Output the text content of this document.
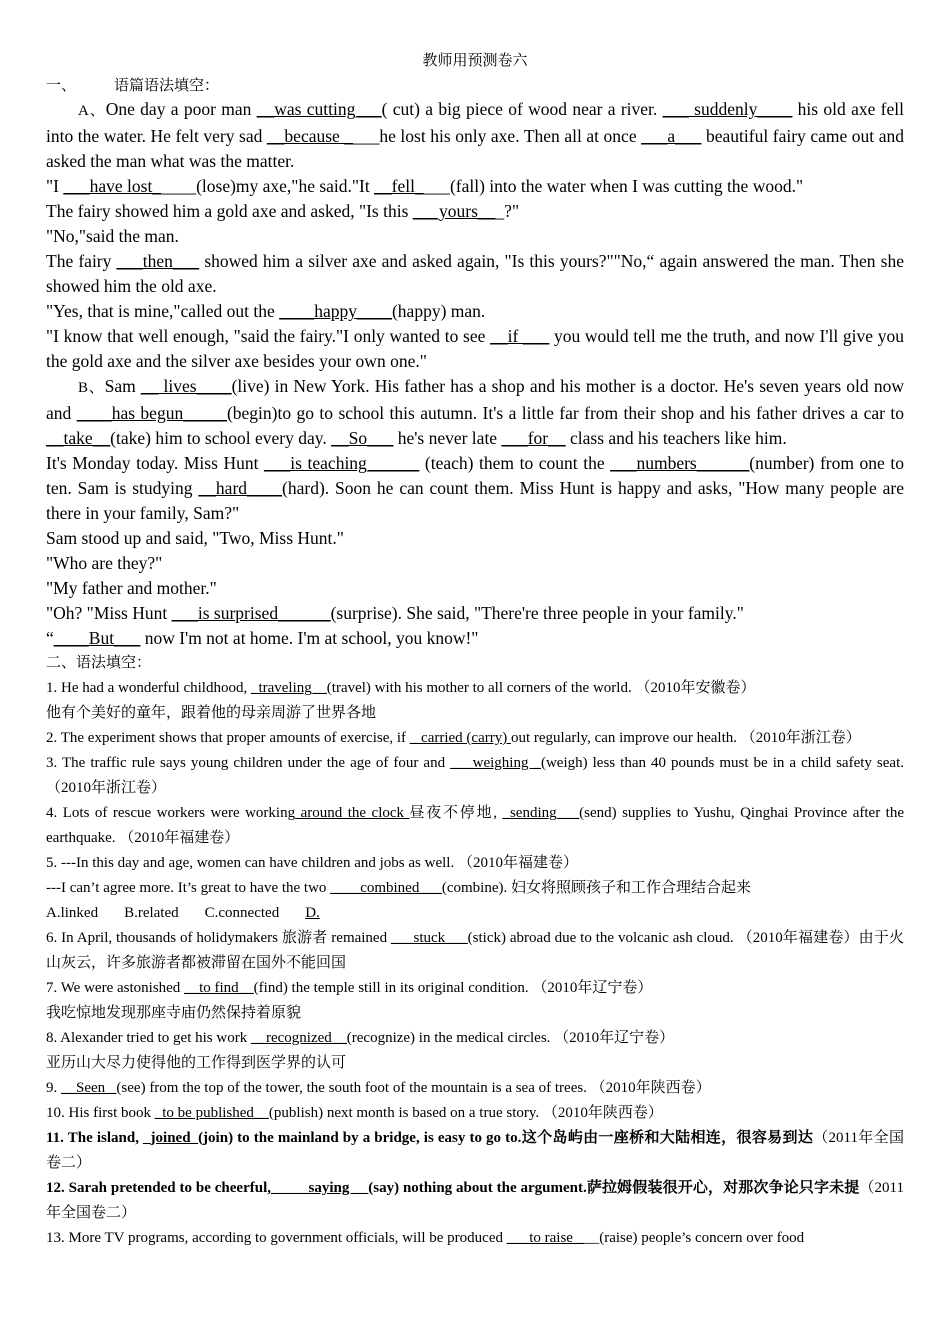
教师用预测卷六

一、	语篇语法填空：

A、One day a poor man __was cutting___( cut) a big piece of wood near a river. ___ suddenly____ his old axe fell into the water. He felt very sad __because ____he lost his only axe. Then all at once ___a___ beautiful fairy came out and asked the man what was the matter.

"I ___have lost_____(lose)my axe,"he said."It __fell____(fall) into the water when I was cutting the wood."

The fairy showed him a gold axe and asked, "Is this ___yours___?"

"No,"said the man.

The fairy ___then___ showed him a silver axe and asked again, "Is this yours?""No,“ again answered the man. Then she showed him the old axe.

"Yes, that is mine,"called out the ____happy____(happy) man.

"I know that well enough, "said the fairy."I only wanted to see __if ___ you would tell me the truth, and now I'll give you the gold axe and the silver axe besides your own one."

B、Sam __ lives____(live) in New York. His father has a shop and his mother is a doctor. He's seven years old now and ____has begun_____(begin)to go to school this autumn. It's a little far from their shop and his father drives a car to __take__(take) him to school every day. __So___ he's never late ___for__ class and his teachers like him.

It's Monday today. Miss Hunt ___is teaching______ (teach) them to count the ___numbers______(number) from one to ten. Sam is studying __hard____(hard). Soon he can count them. Miss Hunt is happy and asks, "How many people are there in your family, Sam?"

Sam stood up and said, "Two, Miss Hunt."

"Who are they?"

"My father and mother."

"Oh? "Miss Hunt ___is surprised______(surprise). She said, "There're three people in your family."

“____But___ now I'm not at home. I'm at school, you know!"

二、语法填空：

1. He had a wonderful childhood, _traveling__(travel) with his mother to all corners of the world. （2010年安徽卷）

他有个美好的童年，跟着他的母亲周游了世界各地

2. The experiment shows that proper amounts of exercise, if _ carried (carry) out regularly, can improve our health. （2010年浙江卷）

3. The traffic rule says young children under the age of four and ___weighing _(weigh) less than 40 pounds must be in a child safety seat.（2010年浙江卷）

4. Lots of rescue workers were working around the clock 昼夜不停地, _sending___(send) supplies to Yushu, Qinghai Province after the earthquake. （2010年福建卷）

5. ---In this day and age, women can have children and jobs as well. （2010年福建卷）

---I can’t agree more. It’s great to have the two ____combined___(combine). 妇女将照顾孩子和工作合理结合起来

A.linked B.related C.connected D.

6. In April, thousands of holidymakers 旅游者 remained ___stuck___(stick) abroad due to the volcanic ash cloud. （2010年福建卷）由于火山灰云，许多旅游者都被滞留在国外不能回国

7. We were astonished __to find__(find) the temple still in its original condition. （2010年辽宁卷）

我吃惊地发现那座寺庙仍然保持着原貌

8. Alexander tried to get his work __recognized__(recognize) in the medical circles. （2010年辽宁卷）

亚历山大尽力使得他的工作得到医学界的认可

9. __Seen _(see) from the top of the tower, the south foot of the mountain is a sea of trees. （2010年陕西卷）

10. His first book _to be published__(publish) next month is based on a true story. （2010年陕西卷）

11. The island, _joined_(join) to the mainland by a bridge, is easy to go to.这个岛屿由一座桥和大陆相连，很容易到达（2011年全国卷二）

12. Sarah pretended to be cheerful,_____saying __(say) nothing about the argument.萨拉姆假装很开心，对那次争论只字未提（2011年全国卷二）

13. More TV programs, according to government officials, will be produced ___to raise ___(raise) people’s concern over food
